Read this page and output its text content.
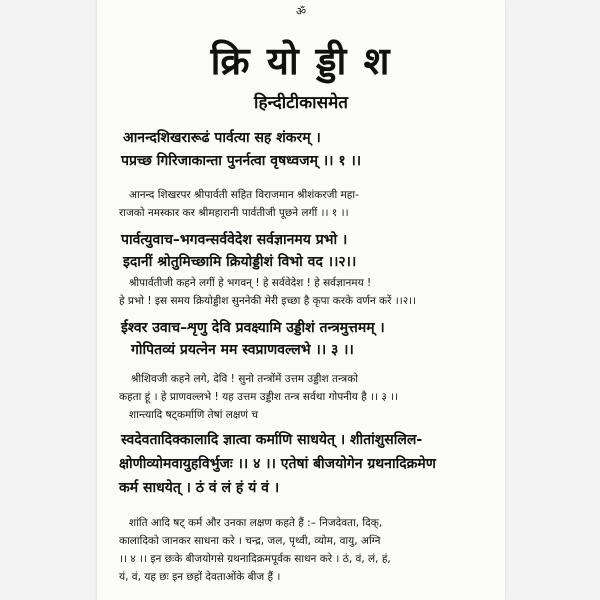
ॐ
क्रि यो ड्डी श
हिन्दीटीकासमेत
आनन्दशिखरारूढं पार्वत्या सह शंकरम् ।
पप्रच्छ गिरिजाकान्ता पुनर्नत्वा वृषध्वजम् ।। १ ।।
आनन्द शिखरपर श्रीपार्वती सहित विराजमान श्रीशंकरजी महा-
राजको नमस्कार कर श्रीमहारानी पार्वतीजी पूछने लगीं ।। १ ।।
पार्वत्युवाच–भगवन्सर्ववेदेश सर्वज्ञानमय प्रभो ।
इदानीं श्रोतुमिच्छामि क्रियोड्डीशं विभो वद ।।२।।
श्रीपार्वतीजी कहने लगीं हे भगवन् ! हे सर्ववेदेश ! हे सर्वज्ञानमय !
हे प्रभो ! इस समय क्रियोड्डीश सुननेकी मेरी इच्छा है कृपा करके वर्णन करें ।।२।।
ईश्वर उवाच–शृणु देवि प्रवक्ष्यामि उड्डीशं तन्त्रमुत्तमम् ।
गोपितव्यं प्रयत्नेन मम स्वप्राणवल्लभे ।। ३ ।।
श्रीशिवजी कहने लगे, देवि ! सुनो तन्त्रोंमें उत्तम उड्डीश तन्त्रको
कहता हूं । हे प्राणवल्लभे ! यह उत्तम उड्डीश तन्त्र सर्वथा गोपनीय है ।। ३ ।।
शान्त्यादि षट्कर्माणि तेषां लक्षणं च
स्वदेवतादिक्कालादि ज्ञात्वा कर्माणि साधयेत् । शीतांशुसलिल-
क्षोणीव्योमवायुहविर्भुजः ।। ४ ।। एतेषां बीजयोगेन ग्रथनादिक्रमेण
कर्म साधयेत् । ठं वं लं हं यं वं ।
शांति आदि षट् कर्म और उनका लक्षण कहते हैं :– निजदेवता, दिक्,
कालादिको जानकर साधना करे । चन्द्र, जल, पृथ्वी, व्योम, वायु, अग्नि
।। ४ ।। इन छःके बीजयोगसे ग्रथनादिक्रमपूर्वक साधन करे । ठं, वं, लं, हं,
यं, वं, यह छः इन छहों देवताओंके बीज हैं ।
